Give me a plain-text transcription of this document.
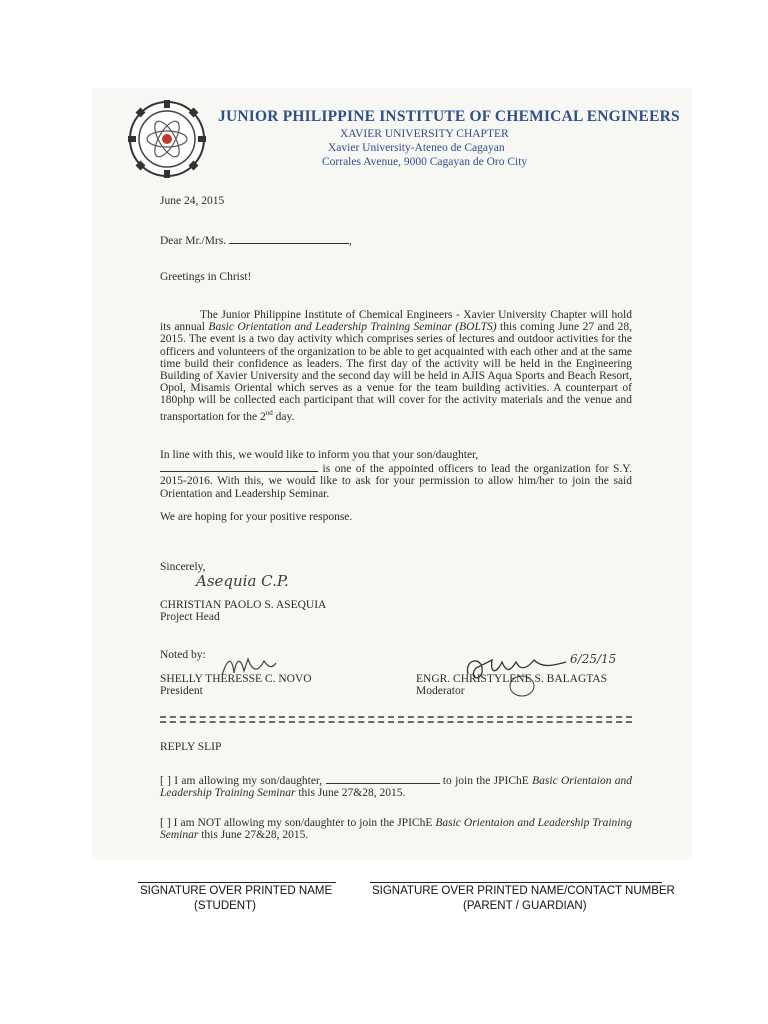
JUNIOR PHILIPPINE INSTITUTE OF CHEMICAL ENGINEERS
XAVIER UNIVERSITY CHAPTER
Xavier University-Ateneo de Cagayan
Corrales Avenue, 9000 Cagayan de Oro City
June 24, 2015
Dear Mr./Mrs.	,
Greetings in Christ!
The Junior Philippine Institute of Chemical Engineers - Xavier University Chapter will hold its annual Basic Orientation and Leadership Training Seminar (BOLTS) this coming June 27 and 28, 2015. The event is a two day activity which comprises series of lectures and outdoor activities for the officers and volunteers of the organization to be able to get acquainted with each other and at the same time build their confidence as leaders. The first day of the activity will be held in the Engineering Building of Xavier University and the second day will be held in AJIS Aqua Sports and Beach Resort, Opol, Misamis Oriental which serves as a venue for the team building activities. A counterpart of 180php will be collected each participant that will cover for the activity materials and the venue and transportation for the 2nd day.
In line with this, we would like to inform you that your son/daughter,
is one of the appointed officers to lead the organization for S.Y. 2015-2016. With this, we would like to ask for your permission to allow him/her to join the said Orientation and Leadership Seminar.
We are hoping for your positive response.
Sincerely,
Asequia C.P.
CHRISTIAN PAOLO S. ASEQUIA
Project Head
Noted by:
SHELLY THERESSE C. NOVO
President
6/25/15
ENGR. CHRISTYLENE S. BALAGTAS
Moderator
REPLY SLIP
[ ] I am allowing my son/daughter,	to join the JPIChE Basic Orientaion and Leadership Training Seminar this June 27&28, 2015.
[ ] I am NOT allowing my son/daughter to join the JPIChE Basic Orientaion and Leadership Training Seminar this June 27&28, 2015.
SIGNATURE OVER PRINTED NAME
(STUDENT)
SIGNATURE OVER PRINTED NAME/CONTACT NUMBER
(PARENT / GUARDIAN)
